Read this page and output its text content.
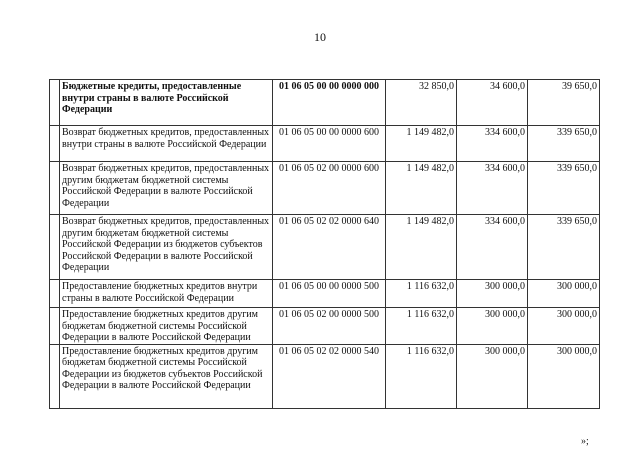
10
	Бюджетные кредиты, предоставленные внутри страны в валюте Российской Федерации	01 06 05 00 00 0000 000	32 850,0	34 600,0	39 650,0
	Возврат бюджетных кредитов, предоставленных внутри страны в валюте Российской Федерации	01 06 05 00 00 0000 600	1 149 482,0	334 600,0	339 650,0
	Возврат бюджетных кредитов, предоставленных другим бюджетам бюджетной системы Российской Федерации в валюте Российской Федерации	01 06 05 02 00 0000 600	1 149 482,0	334 600,0	339 650,0
	Возврат бюджетных кредитов, предоставленных другим бюджетам бюджетной системы Российской Федерации из бюджетов субъектов Российской Федерации в валюте Российской Федерации	01 06 05 02 02 0000 640	1 149 482,0	334 600,0	339 650,0
	Предоставление бюджетных кредитов внутри страны в валюте Российской Федерации	01 06 05 00 00 0000 500	1 116 632,0	300 000,0	300 000,0
	Предоставление бюджетных кредитов другим бюджетам бюджетной системы Российской Федерации в валюте Российской Федерации	01 06 05 02 00 0000 500	1 116 632,0	300 000,0	300 000,0
	Предоставление бюджетных кредитов другим бюджетам бюджетной системы Российской Федерации из бюджетов субъектов Российской Федерации в валюте Российской Федерации	01 06 05 02 02 0000 540	1 116 632,0	300 000,0	300 000,0
»;
